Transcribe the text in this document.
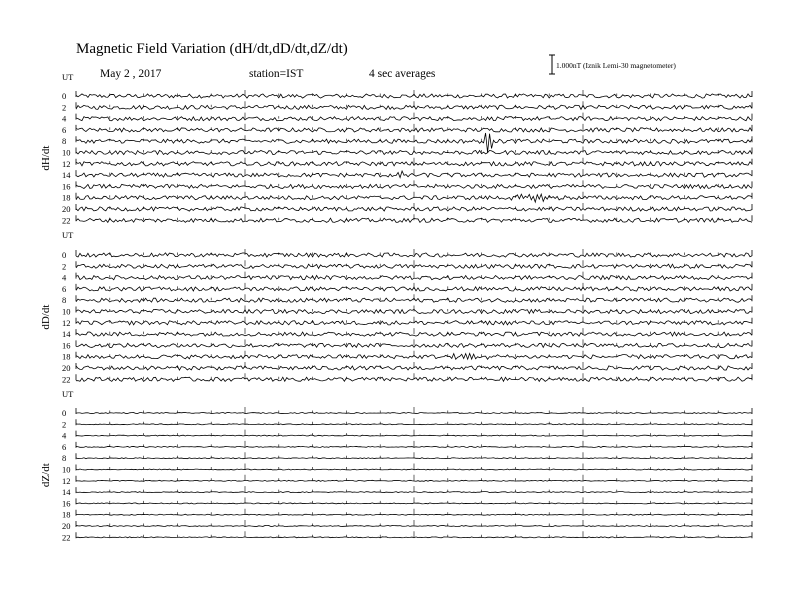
Magnetic Field Variation (dH/dt,dD/dt,dZ/dt)
May 2 , 2017	station=IST	4 sec averages
1.000nT (Iznik Lemi-30 magnetometer)
UT
dH/dt
0
2
4
6
8
10
12
14
16
18
20
22
UT
dD/dt
0
2
4
6
8
10
12
14
16
18
20
22
UT
dZ/dt
0
2
4
6
8
10
12
14
16
18
20
22
